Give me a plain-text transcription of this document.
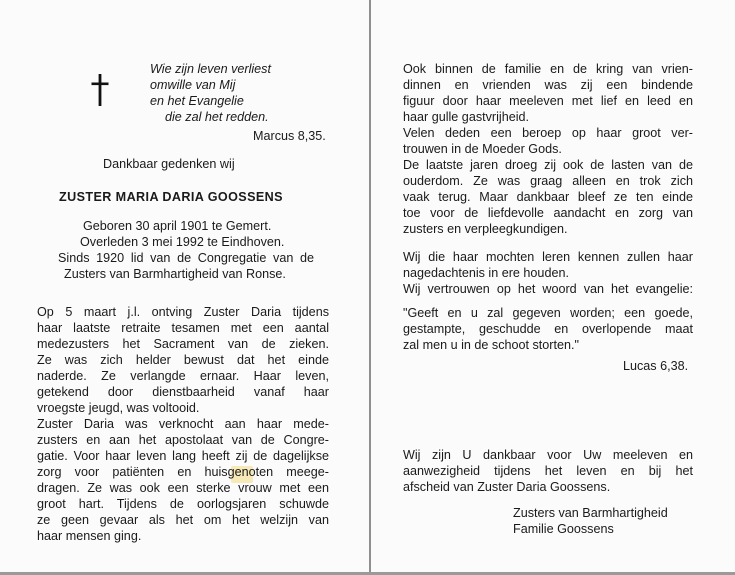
Wie zijn leven verliest
omwille van Mij
en het Evangelie
die zal het redden.
Marcus 8,35.
Dankbaar gedenken wij
ZUSTER MARIA DARIA GOOSSENS
Geboren 30 april 1901 te Gemert.
Overleden 3 mei 1992 te Eindhoven.
Sinds 1920 lid van de Congregatie van de
Zusters van Barmhartigheid van Ronse.
Op 5 maart j.l. ontving Zuster Daria tijdens
haar laatste retraite tesamen met een aantal
medezusters het Sacrament van de zieken.
Ze was zich helder bewust dat het einde
naderde. Ze verlangde ernaar. Haar leven,
getekend door dienstbaarheid vanaf haar
vroegste jeugd, was voltooid.
Zuster Daria was verknocht aan haar mede-
zusters en aan het apostolaat van de Congre-
gatie. Voor haar leven lang heeft zij de dagelijkse
zorg voor patiënten en huisgenoten meege-
dragen. Ze was ook een sterke vrouw met een
groot hart. Tijdens de oorlogsjaren schuwde
ze geen gevaar als het om het welzijn van
haar mensen ging.
Ook binnen de familie en de kring van vrien-
dinnen en vrienden was zij een bindende
figuur door haar meeleven met lief en leed en
haar gulle gastvrijheid.
Velen deden een beroep op haar groot ver-
trouwen in de Moeder Gods.
De laatste jaren droeg zij ook de lasten van de
ouderdom. Ze was graag alleen en trok zich
vaak terug. Maar dankbaar bleef ze ten einde
toe voor de liefdevolle aandacht en zorg van
zusters en verpleegkundigen.
Wij die haar mochten leren kennen zullen haar
nagedachtenis in ere houden.
Wij vertrouwen op het woord van het evangelie:
"Geeft en u zal gegeven worden; een goede,
gestampte, geschudde en overlopende maat
zal men u in de schoot storten."
Lucas 6,38.
Wij zijn U dankbaar voor Uw meeleven en
aanwezigheid tijdens het leven en bij het
afscheid van Zuster Daria Goossens.
Zusters van Barmhartigheid
Familie Goossens
